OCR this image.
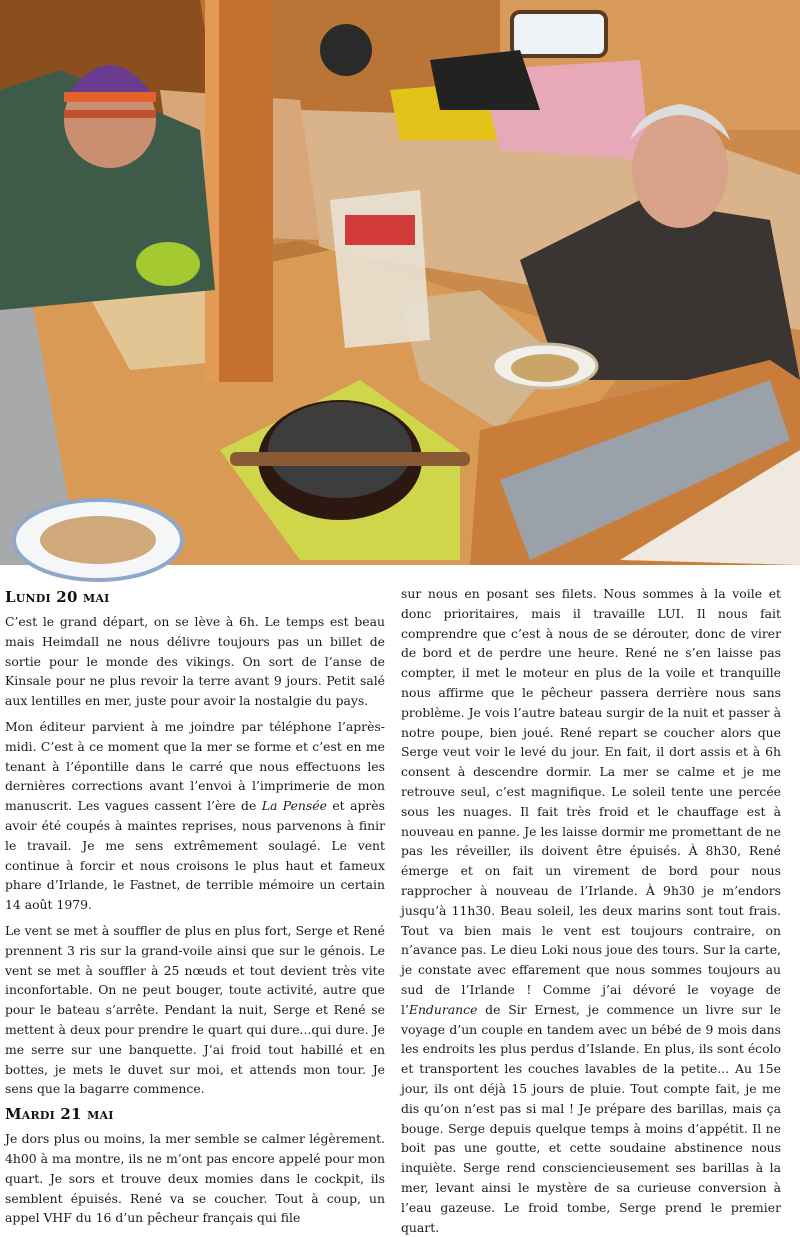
Lundi 20 mai

C’est le grand départ, on se lève à 6h. Le temps est beau mais Heimdall ne nous délivre toujours pas un billet de sortie pour le monde des vikings. On sort de l’anse de Kinsale pour ne plus revoir la terre avant 9 jours. Petit salé aux lentilles en mer, juste pour avoir la nostalgie du pays.

Mon éditeur parvient à me joindre par téléphone l’après-midi. C’est à ce moment que la mer se forme et c’est en me tenant à l’épontille dans le carré que nous effectuons les dernières corrections avant l’envoi à l’imprimerie de mon manuscrit. Les vagues cassent l’ère de La Pensée et après avoir été coupés à maintes reprises, nous parvenons à finir le travail. Je me sens extrêmement soulagé. Le vent continue à forcir et nous croisons le plus haut et fameux phare d’Irlande, le Fastnet, de terrible mémoire un certain 14 août 1979.

Le vent se met à souffler de plus en plus fort, Serge et René prennent 3 ris sur la grand-voile ainsi que sur le génois. Le vent se met à souffler à 25 nœuds et tout devient très vite inconfortable. On ne peut bouger, toute activité, autre que pour le bateau s’arrête. Pendant la nuit, Serge et René se mettent à deux pour prendre le quart qui dure...qui dure. Je me serre sur une banquette. J’ai froid tout habillé et en bottes, je mets le duvet sur moi, et attends mon tour. Je sens que la bagarre commence.

Mardi 21 mai

Je dors plus ou moins, la mer semble se calmer légèrement. 4h00 à ma montre, ils ne m’ont pas encore appelé pour mon quart. Je sors et trouve deux momies dans le cockpit, ils semblent épuisés. René va se coucher. Tout à coup, un appel VHF du 16 d’un pêcheur français qui file

sur nous en posant ses filets. Nous sommes à la voile et donc prioritaires, mais il travaille LUI. Il nous fait comprendre que c’est à nous de se dérouter, donc de virer de bord et de perdre une heure. René ne s’en laisse pas compter, il met le moteur en plus de la voile et tranquille nous affirme que le pêcheur passera derrière nous sans problème. Je vois l’autre bateau surgir de la nuit et passer à notre poupe, bien joué. René repart se coucher alors que Serge veut voir le levé du jour. En fait, il dort assis et à 6h consent à descendre dormir. La mer se calme et je me retrouve seul, c’est magnifique. Le soleil tente une percée sous les nuages. Il fait très froid et le chauffage est à nouveau en panne. Je les laisse dormir me promettant de ne pas les réveiller, ils doivent être épuisés. À 8h30, René émerge et on fait un virement de bord pour nous rapprocher à nouveau de l’Irlande. À 9h30 je m’endors jusqu’à 11h30. Beau soleil, les deux marins sont tout frais. Tout va bien mais le vent est toujours contraire, on n’avance pas. Le dieu Loki nous joue des tours. Sur la carte, je constate avec effarement que nous sommes toujours au sud de l’Irlande ! Comme j’ai dévoré le voyage de l’Endurance de Sir Ernest, je commence un livre sur le voyage d’un couple en tandem avec un bébé de 9 mois dans les endroits les plus perdus d’Islande. En plus, ils sont écolo et transportent les couches lavables de la petite... Au 15e jour, ils ont déjà 15 jours de pluie. Tout compte fait, je me dis qu’on n’est pas si mal ! Je prépare des barillas, mais ça bouge. Serge depuis quelque temps à moins d’appétit. Il ne boit pas une goutte, et cette soudaine abstinence nous inquiète. Serge rend consciencieusement ses barillas à la mer, levant ainsi le mystère de sa curieuse conversion à l’eau gazeuse. Le froid tombe, Serge prend le premier quart.
